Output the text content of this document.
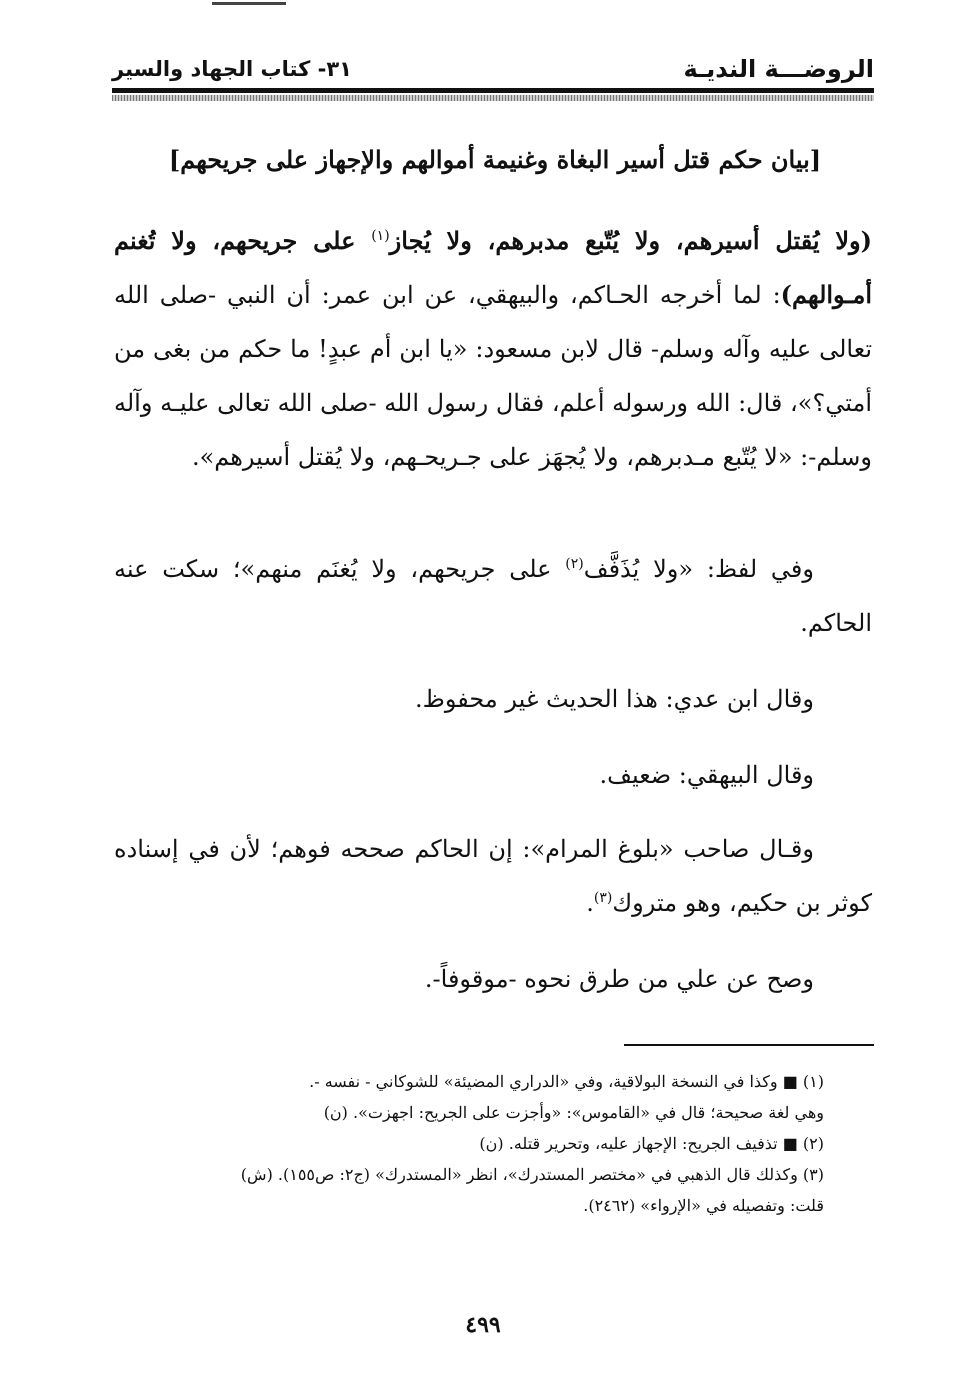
الروضـــة النديـة
٣١- كتاب الجهاد والسير
[بيان حكم قتل أسير البغاة وغنيمة أموالهم والإجهاز على جريحهم]

(ولا يُقتل أسيرهم، ولا يُتّبع مدبرهم، ولا يُجاز$^{(١)}$ على جريحهم، ولا تُغنم أمـوالهم): لما أخرجه الحـاكم، والبيهقي، عن ابن عمر: أن النبي -صلى الله تعالى عليه وآله وسلم- قال لابن مسعود: «يا ابن أم عبدٍ! ما حكم من بغى من أمتي؟»، قال: الله ورسوله أعلم، فقال رسول الله -صلى الله تعالى عليـه وآله وسلم-: «لا يُتّبع مـدبرهم، ولا يُجهَز على جـريحـهم، ولا يُقتل أسيرهم».

وفي لفظ: «ولا يُذَفَّف$^{(٢)}$ على جريحهم، ولا يُغنَم منهم»؛ سكت عنه الحاكم.

وقال ابن عدي: هذا الحديث غير محفوظ.

وقال البيهقي: ضعيف.

وقـال صاحب «بلوغ المرام»: إن الحاكم صححه فوهم؛ لأن في إسناده كوثر بن حكيم، وهو متروك$^{(٣)}$.

وصح عن علي من طرق نحوه -موقوفاً-.

(١) ■ وكذا في النسخة البولاقية، وفي «الدراري المضيئة» للشوكاني - نفسه -.

وهي لغة صحيحة؛ قال في «القاموس»: «وأجزت على الجريح: اجهزت». (ن)

(٢) ■ تذفيف الجريح: الإجهاز عليه، وتحرير قتله. (ن)

(٣) وكذلك قال الذهبي في «مختصر المستدرك»، انظر «المستدرك» (ج٢: ص١٥٥). (ش)

قلت: وتفصيله في «الإرواء» (٢٤٦٢).

٤٩٩
